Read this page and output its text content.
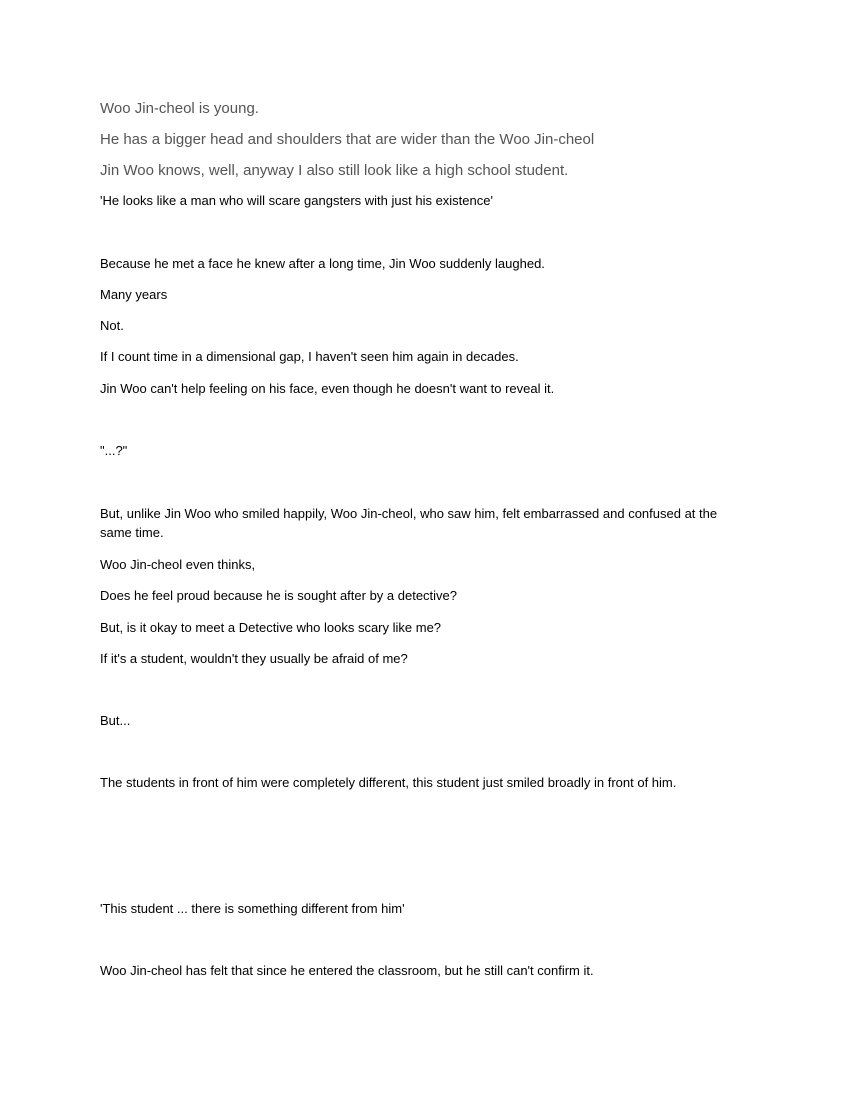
Woo Jin-cheol is young.

He has a bigger head and shoulders that are wider than the Woo Jin-cheol

Jin Woo knows, well, anyway I also still look like a high school student.

'He looks like a man who will scare gangsters with just his existence'

Because he met a face he knew after a long time, Jin Woo suddenly laughed.

Many years

Not.

If I count time in a dimensional gap, I haven't seen him again in decades.

Jin Woo can't help feeling on his face, even though he doesn't want to reveal it.

"...?"

But, unlike Jin Woo who smiled happily, Woo Jin-cheol, who saw him, felt embarrassed and confused at the same time.

Woo Jin-cheol even thinks,

Does he feel proud because he is sought after by a detective?

But, is it okay to meet a Detective who looks scary like me?

If it's a student, wouldn't they usually be afraid of me?

But...

The students in front of him were completely different, this student just smiled broadly in front of him.

'This student ... there is something different from him'

Woo Jin-cheol has felt that since he entered the classroom, but he still can't confirm it.
